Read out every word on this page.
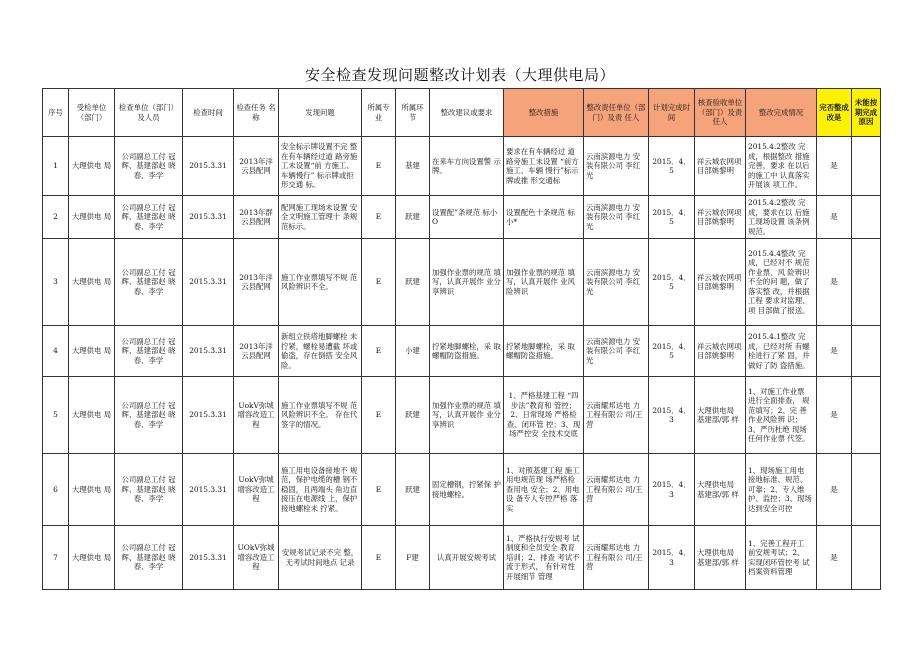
安全检查发现问题整改计划表（大理供电局）
序号	受检单位（部门）	检查单位（部门）及人员	检查时间	检查任务 名称	发现问题	所属专 业	所属环 节	整改建议或要求	整改措施	整改责任单位（部门）及责 任人	计划完成时间	核查验收单位（部门）及责任人	整改完成情况	完否整成改是	未能按期完成原因
1	大理供电 局	公司副总工付 冠辉、基建部赵 晓春、李学	2015.3.31	2013年洋 云县配网	安全标示牌设置不完 整在有车辆经过道 路旁施工未设置“前 方施工、车辆慢行” 标示牌或拒形交通 标。	E	基建	在来车方向设置警 示牌。	要求在有车辆经过 道路旁施工未设置 “前方施工、车辆 慢行”标示牌或推 形交通标	云南滨源电力 安装有限公司 李红光	2015．4．5	祥云城农网项目部姚黎明	2015.4.2整改 完成，根据整改 措施完善，要求 在以后的施工中 认真落实开展该 项工作。	是	
2	大理供电 局	公司副总工付 冠辉、基建部赵 晓春、李学	2015.3.31	2013年群 云县配网	配网施工现场未设置 安全文明施工管理十 条规范标示。	E	跃建	设置配”条规范 标小O	设置配色十条规范 标小*	云南滨源电力 安装有限公司 李红光	2015．4．5	祥云城农网项目部姚黎明	2015.4.2整改 完成，要求在以 后施工现场设置 该条例规范。	是	
3	大理供电 局	公司副总工付 冠辉、基建部赵 晓春、李学	2015.3.31	2013年洋 云县配网	施工作业票填写不规 范风险辨识不全。	E	跃建	加强作业票的规范 填写，认真开展作 业分享辨识	加强作业票的规范 填写，认真开展作 业风险辨识	云南滨源电力 安装有限公司 李红光	2015．4．5	祥云城农网项目部姚黎明	2015.4.4整改 完成，已经对不 规范作业票、风 险辨识不全的问 题，做了落实整 改，并根据工程 要求对监理、项 目部做了报送。	是	
4	大理供电 局	公司副总工付 冠辉、基建部赵 晓春、李学	2015.3.31	2013年洋 云县配网	新组立铁塔地脚螺栓 未拧紧，螺栓易遭截 坏或偷盗，存在倒搭 安全风险。	E	小建	拧紧地脚螺栓，采 取螺帽防盗措施。	拧紧地脚螺栓，采 取螺帽防盗措施。	云南滨源电力 安装有限公司 李红光	2015．4．5	祥云城农网项目部姚黎明	2015.4.1整改 完成，已经对所 有螺栓进行了紧 固，并做好了防 盗措施。	是	
5	大理供电 局	公司副总工付 冠辉、基建部赵 晓春、李学	2015.3.31	UokV弥城 增容改造工 程	施工作业票填写不规 范风险辨识不全。 存在代签字的情况。	E	跃建	加强作业票的规范 填写，认真开展作 业分享辨识	1、严格基建工程 “四步法”教育和 管控；2、日常现场 严格检查、闭环管 控；3、现场严控安 全技术交底	云南耀邦达电 力工程有限公 司/王营	2015．4．3	大理供电局 基建部/郭 样	1、对施工作业票 进行全面排查， 规范填写；2、完 善作业风险辨 识；3、严历杜绝 现场任何作业票 代签。	是	
6	大理供电 局	公司副总工付 冠辉、基建部赵 晓春、李学	2015.3.31	UokV弥城 增容改造工 程	施工用电设备接地不 规范，保护电缆的槽 钢不稳固，且两端头 角边直接压在电源线 上，保护接地螺栓未 拧紧。	E	跃建	固定槽钢，拧紧保 护接地螺栓。	1、对照基建工程 施工用电规范现 场严格检查用电 安全；2、用电设 备专人专控严格 落实	云南耀邦达电 力工程有限公 司/王营	2015．4．3	大理供电局 基建部/郭 样	1、现场施工用电 接地标准、规范、 可靠；2、专人维 护、监控；3、现场 达到安全可控	是	
7	大理供电 局	公司副总工付 冠辉、基建部赵 晓春、李学	2015.3.31	UOkV弥城 增容改造工 程	安规考试记录不完 整，无考试时间地点 记录	E	F建	认真开展安规考试	1、严格执行安规考 试制度和全员安全 教育培训；2、排查 考试不流于形式， 有针对性开展细节 管理	云南耀邦达电 力工程有限公 司/王营	2015．4．3	大理供电局 基建部/郭 样	1、完善工程开工 前安规考试；2、 实现闭环管控考 试档案资料管理	是	
